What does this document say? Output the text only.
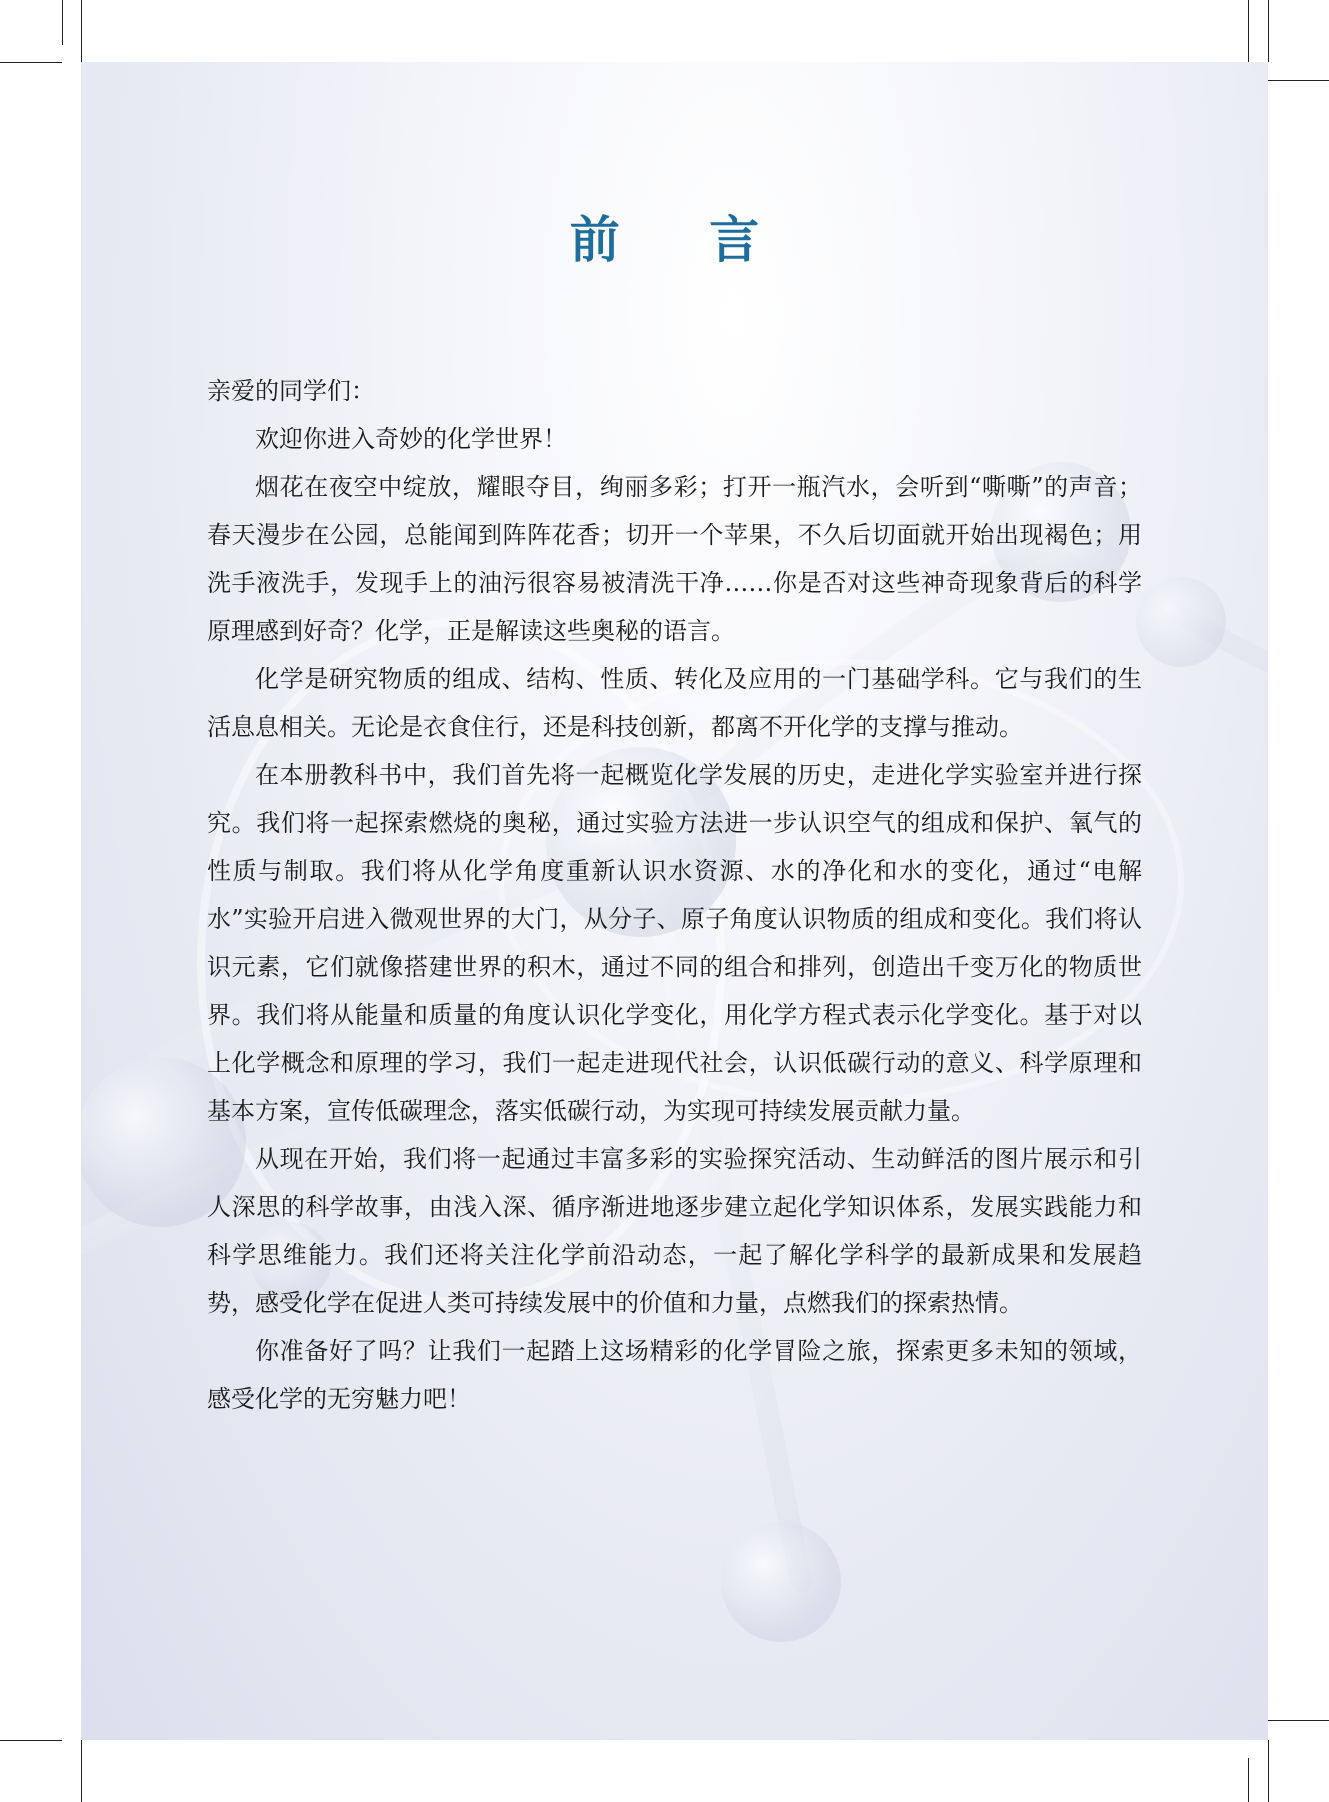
前 言

亲爱的同学们：

欢迎你进入奇妙的化学世界！

烟花在夜空中绽放，耀眼夺目，绚丽多彩；打开一瓶汽水，会听到“嘶嘶”的声音；春天漫步在公园，总能闻到阵阵花香；切开一个苹果，不久后切面就开始出现褐色；用洗手液洗手，发现手上的油污很容易被清洗干净……你是否对这些神奇现象背后的科学原理感到好奇？化学，正是解读这些奥秘的语言。

化学是研究物质的组成、结构、性质、转化及应用的一门基础学科。它与我们的生活息息相关。无论是衣食住行，还是科技创新，都离不开化学的支撑与推动。

在本册教科书中，我们首先将一起概览化学发展的历史，走进化学实验室并进行探究。我们将一起探索燃烧的奥秘，通过实验方法进一步认识空气的组成和保护、氧气的性质与制取。我们将从化学角度重新认识水资源、水的净化和水的变化，通过“电解水”实验开启进入微观世界的大门，从分子、原子角度认识物质的组成和变化。我们将认识元素，它们就像搭建世界的积木，通过不同的组合和排列，创造出千变万化的物质世界。我们将从能量和质量的角度认识化学变化，用化学方程式表示化学变化。基于对以上化学概念和原理的学习，我们一起走进现代社会，认识低碳行动的意义、科学原理和基本方案，宣传低碳理念，落实低碳行动，为实现可持续发展贡献力量。

从现在开始，我们将一起通过丰富多彩的实验探究活动、生动鲜活的图片展示和引人深思的科学故事，由浅入深、循序渐进地逐步建立起化学知识体系，发展实践能力和科学思维能力。我们还将关注化学前沿动态，一起了解化学科学的最新成果和发展趋势，感受化学在促进人类可持续发展中的价值和力量，点燃我们的探索热情。

你准备好了吗？让我们一起踏上这场精彩的化学冒险之旅，探索更多未知的领域，感受化学的无穷魅力吧！
